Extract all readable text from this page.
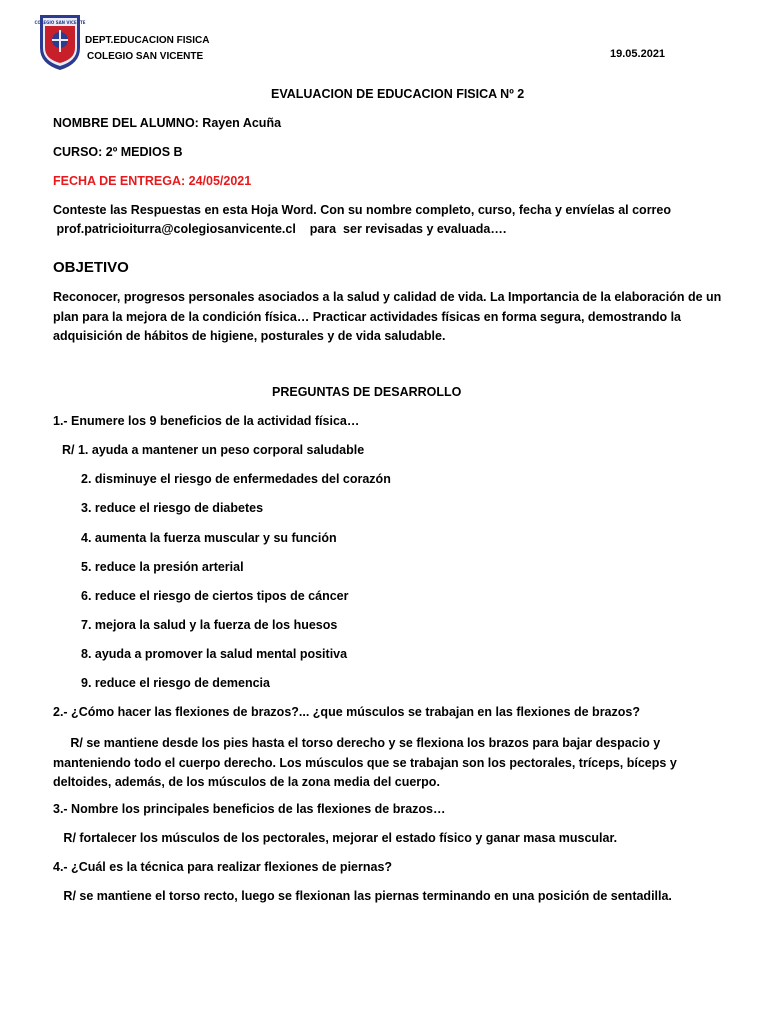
COLEGIO SAN VICENTE
DEPT.EDUCACION FISICA
COLEGIO SAN VICENTE	19.05.2021
EVALUACION DE EDUCACION FISICA Nº 2
NOMBRE DEL ALUMNO: Rayen Acuña
CURSO: 2º MEDIOS B
FECHA DE ENTREGA: 24/05/2021
Conteste las Respuestas en esta Hoja Word. Con su nombre completo, curso, fecha y envíelas al correo
prof.patricioiturra@colegiosanvicente.cl    para  ser revisadas y evaluada….
OBJETIVO
Reconocer, progresos personales asociados a la salud y calidad de vida. La Importancia de la elaboración de un plan para la mejora de la condición física… Practicar actividades físicas en forma segura, demostrando la adquisición de hábitos de higiene, posturales y de vida saludable.
PREGUNTAS DE DESARROLLO
1.- Enumere los 9 beneficios de la actividad física…
R/ 1. ayuda a mantener un peso corporal saludable
2. disminuye el riesgo de enfermedades del corazón
3. reduce el riesgo de diabetes
4. aumenta la fuerza muscular y su función
5. reduce la presión arterial
6. reduce el riesgo de ciertos tipos de cáncer
7. mejora la salud y la fuerza de los huesos
8. ayuda a promover la salud mental positiva
9. reduce el riesgo de demencia
2.- ¿Cómo hacer las flexiones de brazos?... ¿que músculos se trabajan en las flexiones de brazos?
R/ se mantiene desde los pies hasta el torso derecho y se flexiona los brazos para bajar despacio y manteniendo todo el cuerpo derecho. Los músculos que se trabajan son los pectorales, tríceps, bíceps y deltoides, además, de los músculos de la zona media del cuerpo.
3.- Nombre los principales beneficios de las flexiones de brazos…
R/ fortalecer los músculos de los pectorales, mejorar el estado físico y ganar masa muscular.
4.- ¿Cuál es la técnica para realizar flexiones de piernas?
R/ se mantiene el torso recto, luego se flexionan las piernas terminando en una posición de sentadilla.
